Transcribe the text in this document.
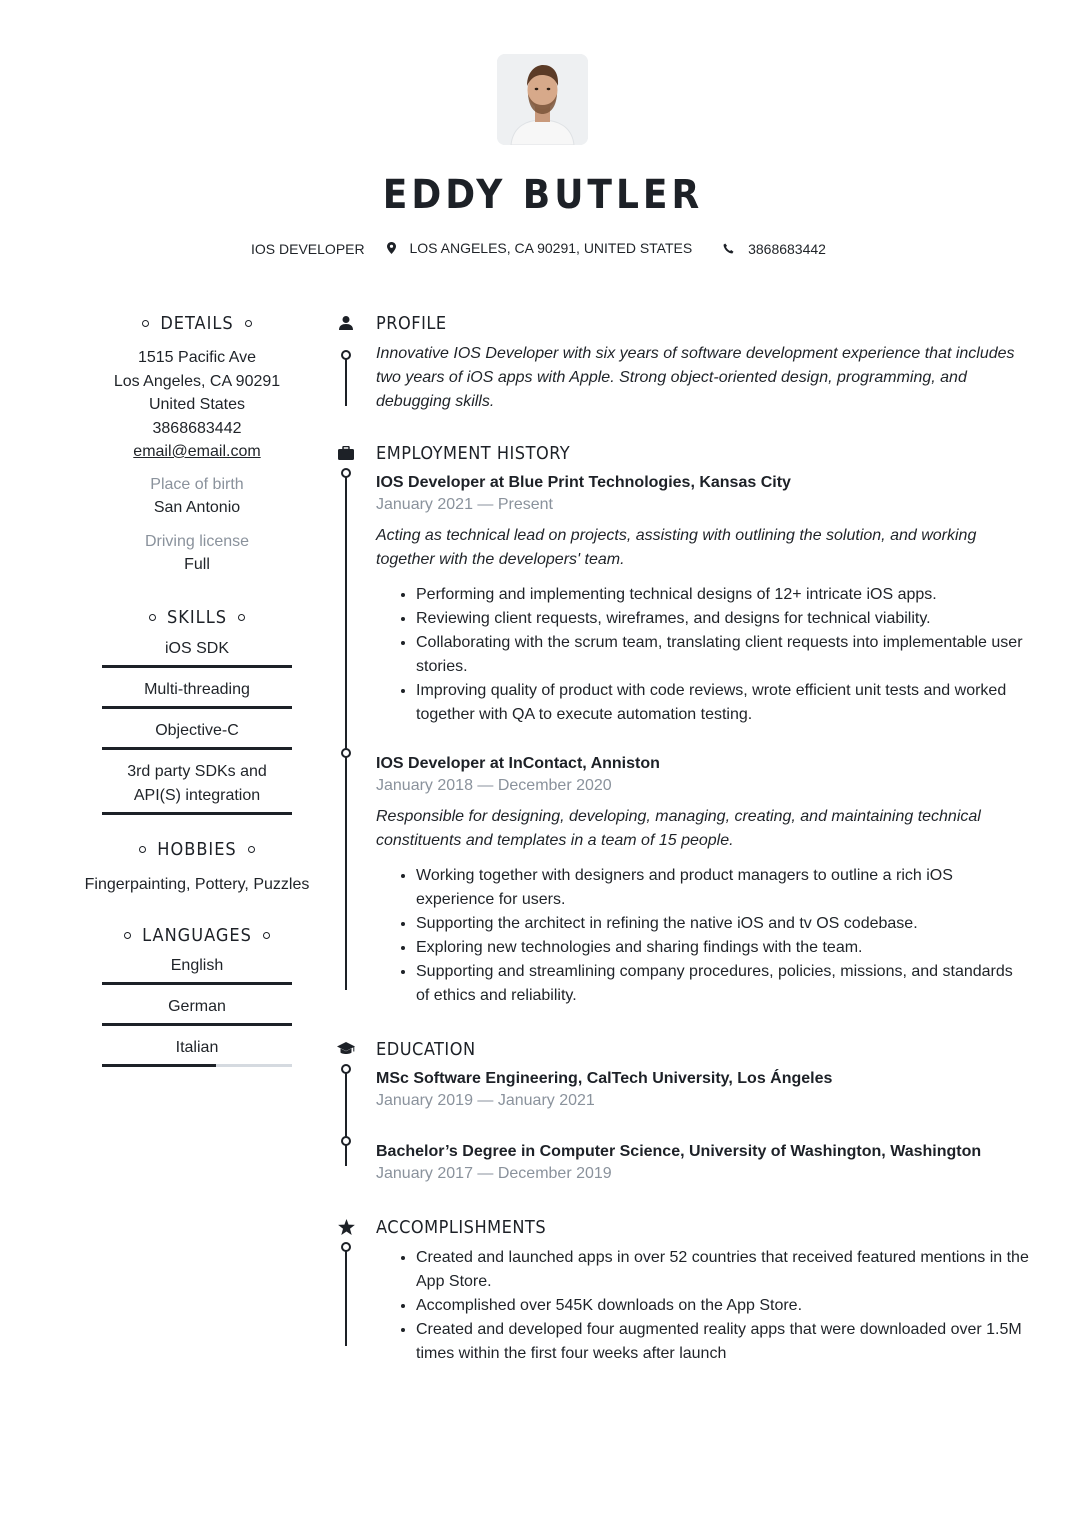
EDDY BUTLER
IOS DEVELOPER	LOS ANGELES, CA 90291, UNITED STATES
	3868683442
DETAILS
1515 Pacific Ave
Los Angeles, CA 90291
United States
3868683442
email@email.com
Place of birth
San Antonio
Driving license
Full
SKILLS
iOS SDK
Multi-threading
Objective-C
3rd party SDKs and API(S) integration
HOBBIES
Fingerpainting, Pottery, Puzzles
LANGUAGES
English
German
Italian
PROFILE
Innovative IOS Developer with six years of software development experience that includes two years of iOS apps with Apple. Strong object-oriented design, programming, and debugging skills.
EMPLOYMENT HISTORY
IOS Developer at Blue Print Technologies, Kansas City
January 2021 — Present
Acting as technical lead on projects, assisting with outlining the solution, and working together with the developers' team.
Performing and implementing technical designs of 12+ intricate iOS apps.
Reviewing client requests, wireframes, and designs for technical viability.
Collaborating with the scrum team, translating client requests into implementable user stories.
Improving quality of product with code reviews, wrote efficient unit tests and worked together with QA to execute automation testing.
IOS Developer at InContact, Anniston
January 2018 — December 2020
Responsible for designing, developing, managing, creating, and maintaining technical constituents and templates in a team of 15 people.
Working together with designers and product managers to outline a rich iOS experience for users.
Supporting the architect in refining the native iOS and tv OS codebase.
Exploring new technologies and sharing findings with the team.
Supporting and streamlining company procedures, policies, missions, and standards of ethics and reliability.
EDUCATION
MSc Software Engineering, CalTech University, Los Ángeles
January 2019 — January 2021
Bachelor’s Degree in Computer Science, University of Washington, Washington
January 2017 — December 2019
ACCOMPLISHMENTS
Created and launched apps in over 52 countries that received featured mentions in the App Store.
Accomplished over 545K downloads on the App Store.
Created and developed four augmented reality apps that were downloaded over 1.5M times within the first four weeks after launch
